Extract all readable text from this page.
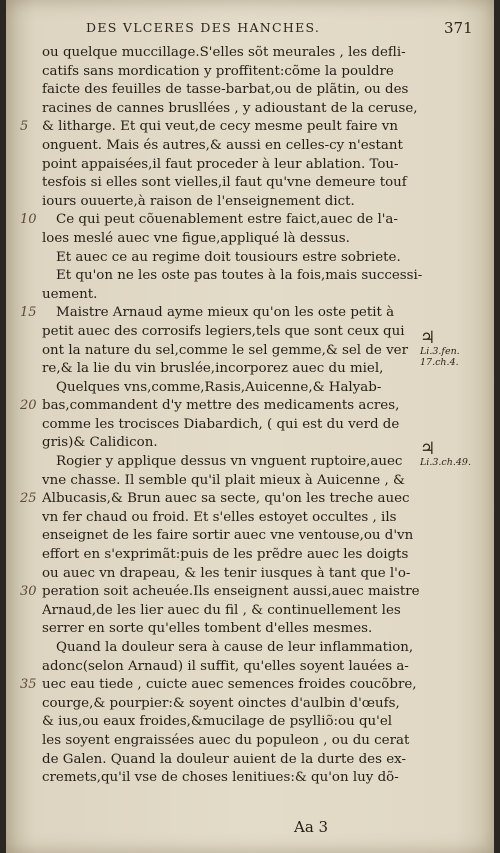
DES VLCERES DES HANCHES.	371
ou quelque muccillage.S'elles sõt meurales , les defli-
catifs sans mordication y proffitent:cõme la pouldre
faicte des feuilles de tasse-barbat,ou de plãtin, ou des
racines de cannes brusllées , y adioustant de la ceruse,
& litharge. Et qui veut,de cecy mesme peult faire vn
onguent. Mais és autres,& aussi en celles-cy n'estant
point appaisées,il faut proceder à leur ablation. Tou-
tesfois si elles sont vielles,il faut qu'vne demeure touf
iours ouuerte,à raison de l'enseignement dict.
Ce qui peut cõuenablement estre faict,auec de l'a-
loes meslé auec vne figue,appliqué là dessus.
Et auec ce au regime doit tousiours estre sobriete.
Et qu'on ne les oste pas toutes à la fois,mais successi-
uement.
Maistre Arnaud ayme mieux qu'on les oste petit à
petit auec des corrosifs legiers,tels que sont ceux qui
ont la nature du sel,comme le sel gemme,& sel de ver
re,& la lie du vin bruslée,incorporez auec du miel,
Quelques vns,comme,Rasis,Auicenne,& Halyab-
bas,commandent d'y mettre des medicaments acres,
comme les trocisces Diabardich, ( qui est du verd de
gris)& Calidicon.
Rogier y applique dessus vn vnguent ruptoire,auec
vne chasse. Il semble qu'il plait mieux à Auicenne , &
Albucasis,& Brun auec sa secte, qu'on les treche auec
vn fer chaud ou froid. Et s'elles estoyet occultes , ils
enseignet de les faire sortir auec vne ventouse,ou d'vn
effort en s'exprimãt:puis de les prẽdre auec les doigts
ou auec vn drapeau, & les tenir iusques à tant que l'o-
peration soit acheuée.Ils enseignent aussi,auec maistre
Arnaud,de les lier auec du fil , & continuellement les
serrer en sorte qu'elles tombent d'elles mesmes.
Quand la douleur sera à cause de leur inflammation,
adonc(selon Arnaud) il suffit, qu'elles soyent lauées a-
uec eau tiede , cuicte auec semences froides coucõbre,
courge,& pourpier:& soyent oinctes d'aulbin d'œufs,
& ius,ou eaux froides,&mucilage de psylliõ:ou qu'el
les soyent engraissées auec du populeon , ou du cerat
de Galen. Quand la douleur auient de la durte des ex-
cremets,qu'il vse de choses lenitiues:& qu'on luy dõ-
Aa 3
5
10
15
20
25
30
35
♃
Li.3.fen. 17.ch.4.
♃
Li.3.ch.49.
